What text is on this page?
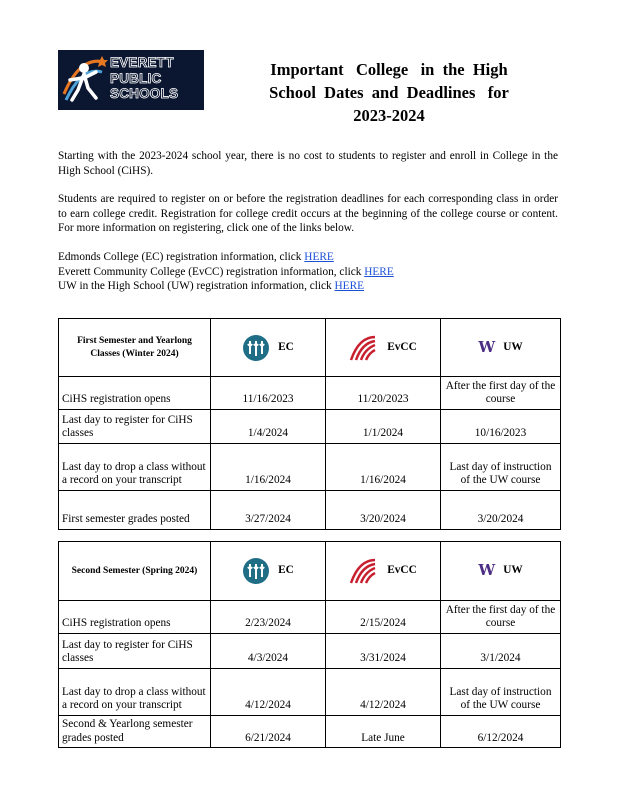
EVERETT
PUBLIC
SCHOOLS
Important   College   in  the  High
School  Dates  and  Deadlines   for
2023-2024
Starting with the 2023-2024 school year, there is no cost to students to register and enroll in College in the High School (CiHS).
Students are required to register on or before the registration deadlines for each corresponding class in order to earn college credit. Registration for college credit occurs at the beginning of the college course or content. For more information on registering, click one of the links below.
Edmonds College (EC) registration information, click HERE
Everett Community College (EvCC) registration information, click HERE
UW in the High School (UW) registration information, click HERE
First Semester and Yearlong Classes (Winter 2024)	EC	EvCC	W UW

CiHS registration opens	11/16/2023	11/20/2023	After the first day of the course
Last day to register for CiHS classes	1/4/2024	1/1/2024	10/16/2023
Last day to drop a class without a record on your transcript	1/16/2024	1/16/2024	Last day of instruction of the UW course
First semester grades posted	3/27/2024	3/20/2024	3/20/2024
Second Semester (Spring 2024)	EC	EvCC	W UW

CiHS registration opens	2/23/2024	2/15/2024	After the first day of the course
Last day to register for CiHS classes	4/3/2024	3/31/2024	3/1/2024
Last day to drop a class without a record on your transcript	4/12/2024	4/12/2024	Last day of instruction of the UW course
Second & Yearlong semester grades posted	6/21/2024	Late June	6/12/2024
